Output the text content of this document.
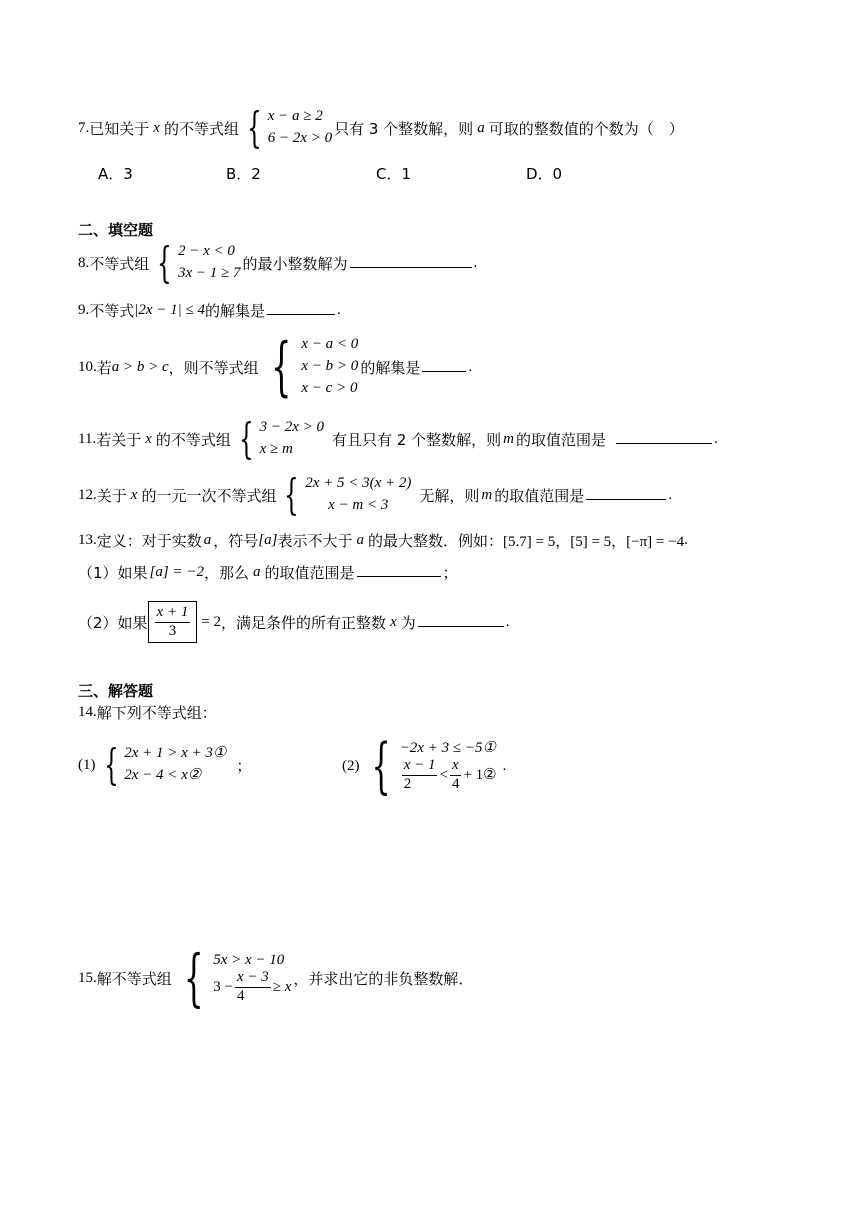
7. 已知关于 x 的不等式组 { x − a ≥ 2
6 − 2x > 0
只有 3 个整数解，则 a 可取的整数值的个数为（　）
A．3	B．2	C．1	D．0
二、填空题
8. 不等式组 { 2 − x < 0
3x − 1 ≥ 7
的最小整数解为	.
9. 不等式 |2x − 1| ≤ 4 的解集是	.
10. 若 a > b > c ，则不等式组 { x − a < 0
x − b > 0
x − c > 0
的解集是	.
11. 若关于 x 的不等式组 { 3 − 2x > 0
x ≥ m
有且只有 2 个整数解，则 m 的取值范围是	.
12. 关于 x 的一元一次不等式组 { 2x + 5 < 3(x + 2)
x − m < 3
无解，则 m 的取值范围是	.
13. 定义：对于实数 a ，符号 [a] 表示不大于 a 的最大整数．例如： [5.7] = 5，[5] = 5，[−π] = −4 .
（1）如果 [a] = −2 ，那么 a 的取值范围是	；
（2）如果 $\frac{x + 1}{3} = 2$ ，满足条件的所有正整数 x 为	.
三、解答题
14. 解下列不等式组：
(1) { 2x + 1 > x + 3①
2x − 4 < x②
；	(2) { −2x + 3 ≤ −5①
$\frac{x - 1}{2} < \frac{x}{4}$ + 1②
.
15. 解不等式组 { 5x > x − 10
$3 - \frac{x - 3}{4} \ge x$ ，并求出它的非负整数解．
